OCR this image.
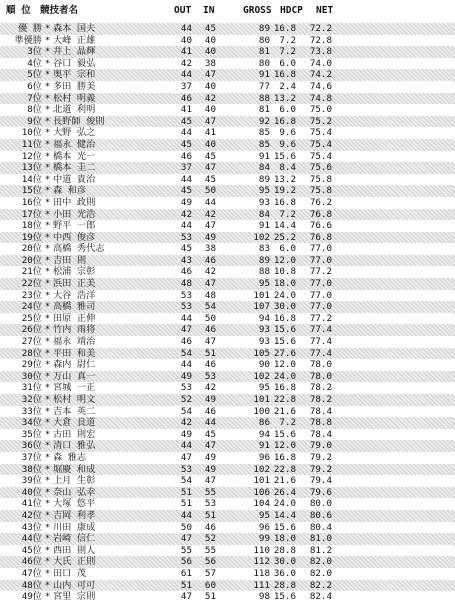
順 位 競技者名	OUT IN	GROSS HDCP NET
優 勝 * 森本 国夫	44	45	89 16.8	72.2
準優勝 * 大峰 正雄	40	40	80	7.2	72.8
3位 * 井上 晶輝	41	40	81	7.2	73.8
4位 * 谷口 毅弘	42	38	80	6.0	74.0
5位 * 奥平 宗和	44	47	91 16.8	74.2
6位 * 多田 勝美	37	40	77	2.4	74.6
7位 * 松村 明義	46	42	88 13.2	74.8
8位 * 北道 利明	41	40	81	6.0	75.0
9位 * 長野師 俊則	45	47	92 16.8	75.2
10位 * 大野 弘之	44	41	85	9.6	75.4
11位 * 福永 健治	45	40	85	9.6	75.4
12位 * 橋本 光一	46	45	91 15.6	75.4
13位 * 橋本 圭二	37	47	84	8.4	75.6
14位 * 中道 貴治	44	45	89 13.2	75.8
15位 * 森 和彦	45	50	95 19.2	75.8
16位 * 田中 政則	49	44	93 16.8	76.2
17位 * 小田 光浩	42	42	84	7.2	76.8
18位 * 野平 一郎	44	47	91 14.4	76.6
19位 * 中西 俊彦	53	49	102 25.2	76.8
20位 * 高橋 秀代志	45	38	83	6.0	77.0
20位 * 吉田 則	43	46	89 12.0	77.0
21位 * 松浦 宗彰	46	42	88 10.8	77.2
22位 * 浜田 正美	48	47	95 18.0	77.0
23位 * 大谷 浩洋	53	48	101 24.0	77.0
24位 * 高橋 雅司	53	54	107 30.0	77.0
25位 * 田原 正伸	44	50	94 16.8	77.2
26位 * 竹内 雨将	47	46	93 15.6	77.4
27位 * 福永 靖治	46	47	93 15.6	77.4
28位 * 平田 和美	54	51	105 27.6	77.4
29位 * 森内 尉仁	44	46	90 12.0	78.0
30位 * 万山 真一	49	53	102 24.0	78.0
31位 * 宮城 一正	53	42	95 16.8	78.2
32位 * 松村 明文	52	49	101 22.8	78.2
33位 * 吉本 英二	54	46	100 21.6	78.4
34位 * 大倉 良道	42	44	86	7.2	78.8
35位 * 古田 則宏	49	45	94 15.6	78.4
36位 * 清口 雅弘	44	47	91 12.0	79.0
37位 * 森 雅志	47	49	96 16.8	79.2
38位 * 堀慶 和成	53	49	102 22.8	79.2
39位 * 上月 生彰	54	47	101 21.6	79.4
40位 * 奈山 弘幸	51	55	106 26.4	79.6
41位 * 大塚 悠平	51	53	104 24.0	80.0
42位 * 吉岡 利孝	44	51	95 14.4	80.6
43位 * 川田 康成	50	46	96 15.6	80.4
44位 * 岩崎 信仁	47	52	99 18.0	81.0
45位 * 西田 則人	55	55	110 28.8	81.2
46位 * 大氏 正則	56	56	112 30.0	82.0
47位 * 田口 茂	61	57	118 36.0	82.0
48位 * 山内 可可	51	60	111 28.8	82.2
49位 * 宮里 宗則	47	51	98 15.6	82.4
